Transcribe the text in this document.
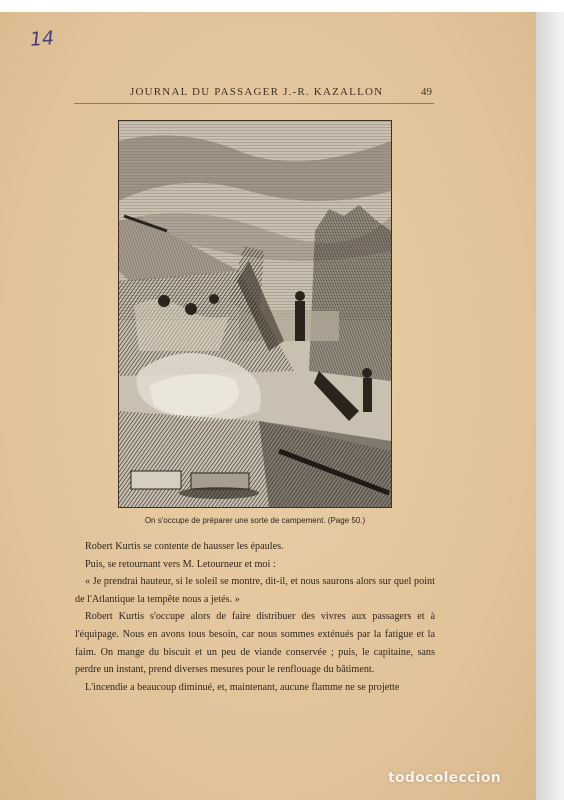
14
JOURNAL DU PASSAGER J.-R. KAZALLON	49
On s'occupe de préparer une sorte de campement. (Page 50.)

Robert Kurtis se contente de hausser les épaules.

Puis, se retournant vers M. Letourneur et moi :

« Je prendrai hauteur, si le soleil se montre, dit-il, et nous saurons alors sur quel point de l'Atlantique la tempête nous a jetés. »

Robert Kurtis s'occupe alors de faire distribuer des vivres aux passagers et à l'équipage. Nous en avons tous besoin, car nous sommes exténués par la fatigue et la faim. On mange du biscuit et un peu de viande conservée ; puis, le capitaine, sans perdre un instant, prend diverses mesures pour le renflouage du bâtiment.

L'incendie a beaucoup diminué, et, maintenant, aucune flamme ne se projette

todocoleccion
